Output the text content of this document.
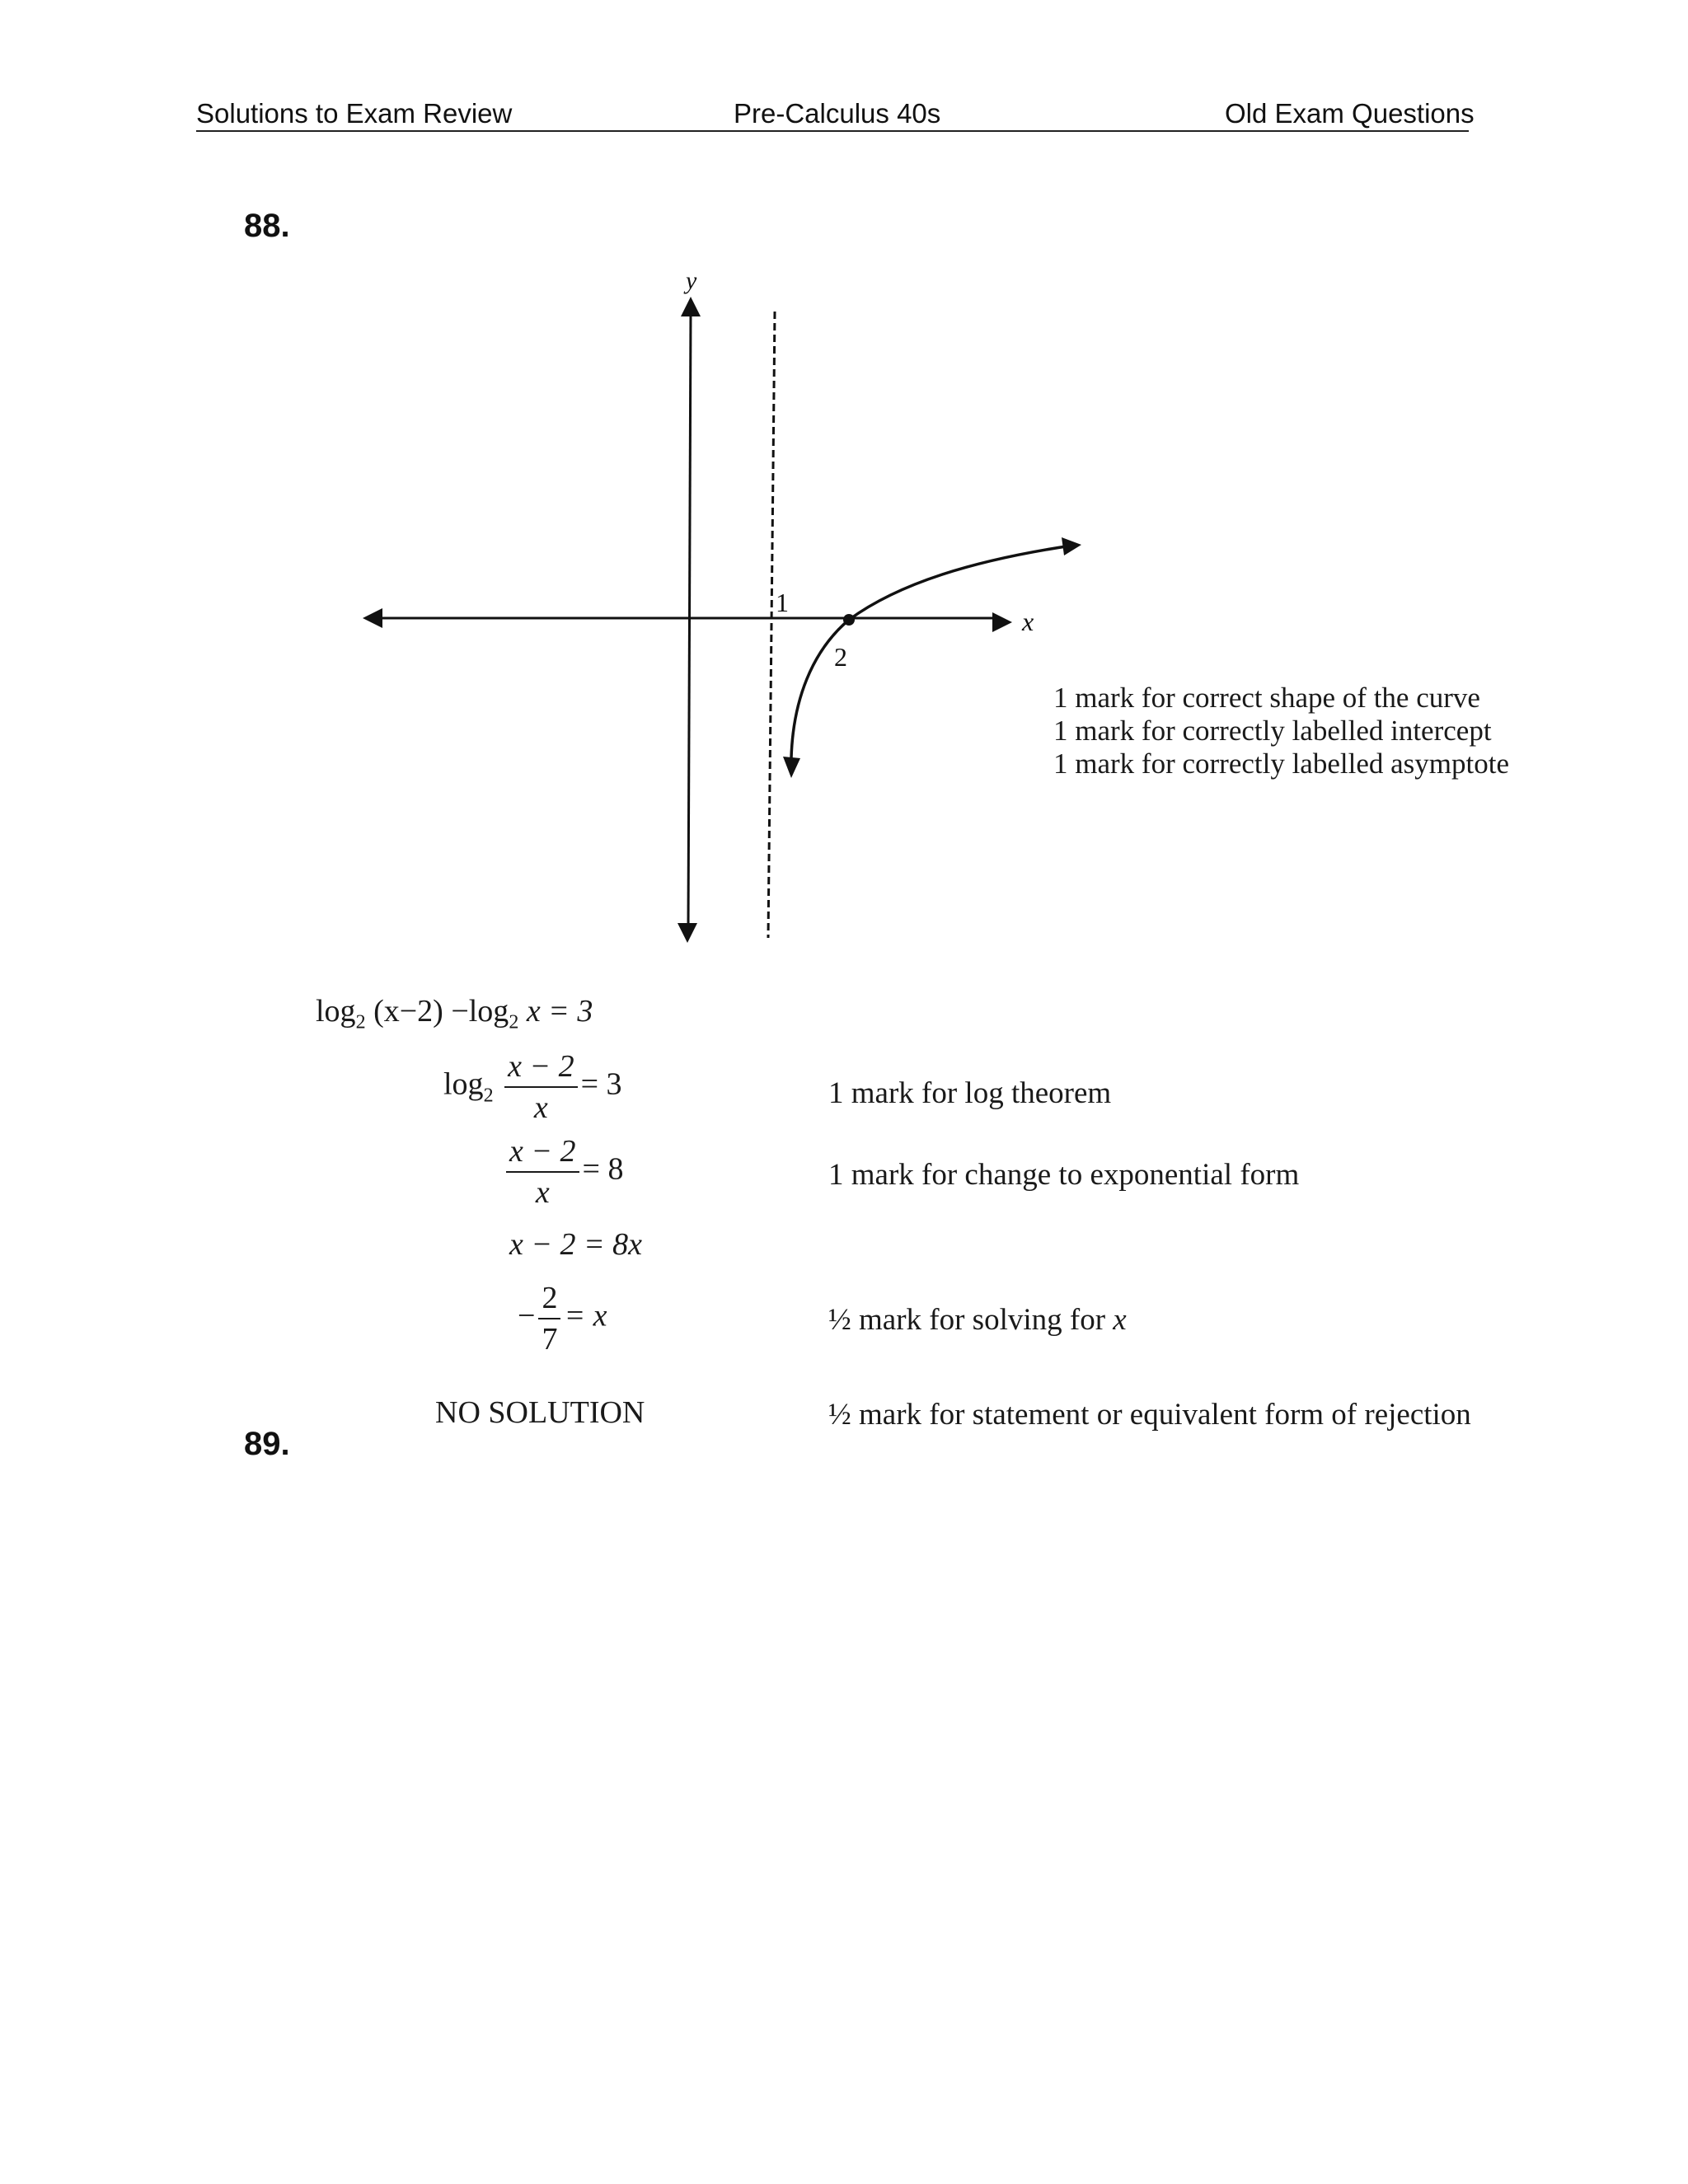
Solutions to Exam Review	Pre-Calculus 40s	Old Exam Questions
88.
89.
y
x
1
2
1 mark for correct shape of the curve
1 mark for correctly labelled intercept
1 mark for correctly labelled asymptote
$\log_2 (x-2) -\log_2$ x = 3
$\log_2 \frac{x - 2}{x} = 3$
$\frac{x - 2}{x} = 8$
x − 2 = 8x
− $\frac{2}{7} = x$
NO SOLUTION
1 mark for log theorem
1 mark for change to exponential form
½ mark for solving for x
½ mark for statement or equivalent form of rejection
